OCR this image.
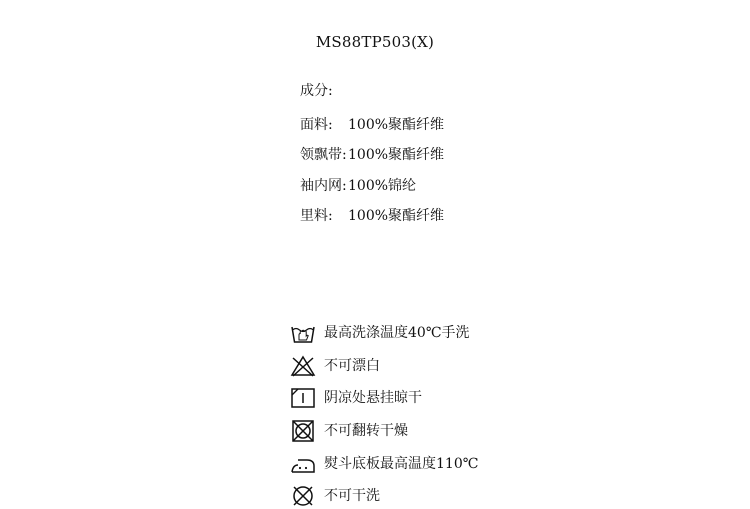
MS88TP503(X)
成分:
面料: 100%聚酯纤维
领飘带:100%聚酯纤维
袖内网:100%锦纶
里料: 100%聚酯纤维
最高洗涤温度40℃手洗
不可漂白
阴凉处悬挂晾干
不可翻转干燥
熨斗底板最高温度110℃
不可干洗
